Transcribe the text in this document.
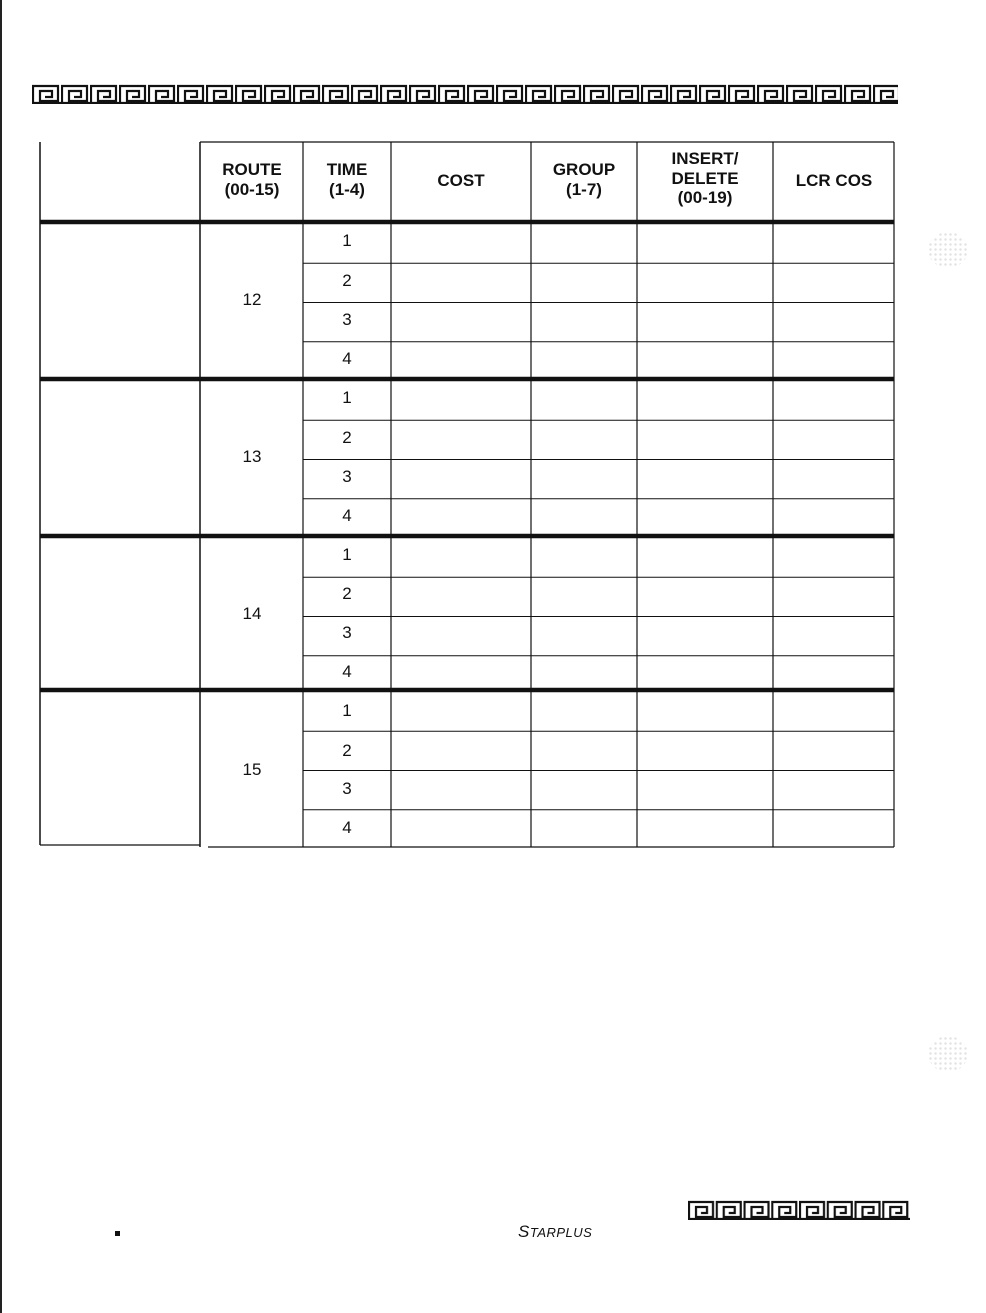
ROUTE
(00-15)
TIME
(1-4)	COST
GROUP
(1-7)
INSERT/
DELETE
(00-19)
LCR COS
12
13
14
15
1
2
3
4
1
2
3
4
1
2
3
4
1
2
3
4
STARPLUS
